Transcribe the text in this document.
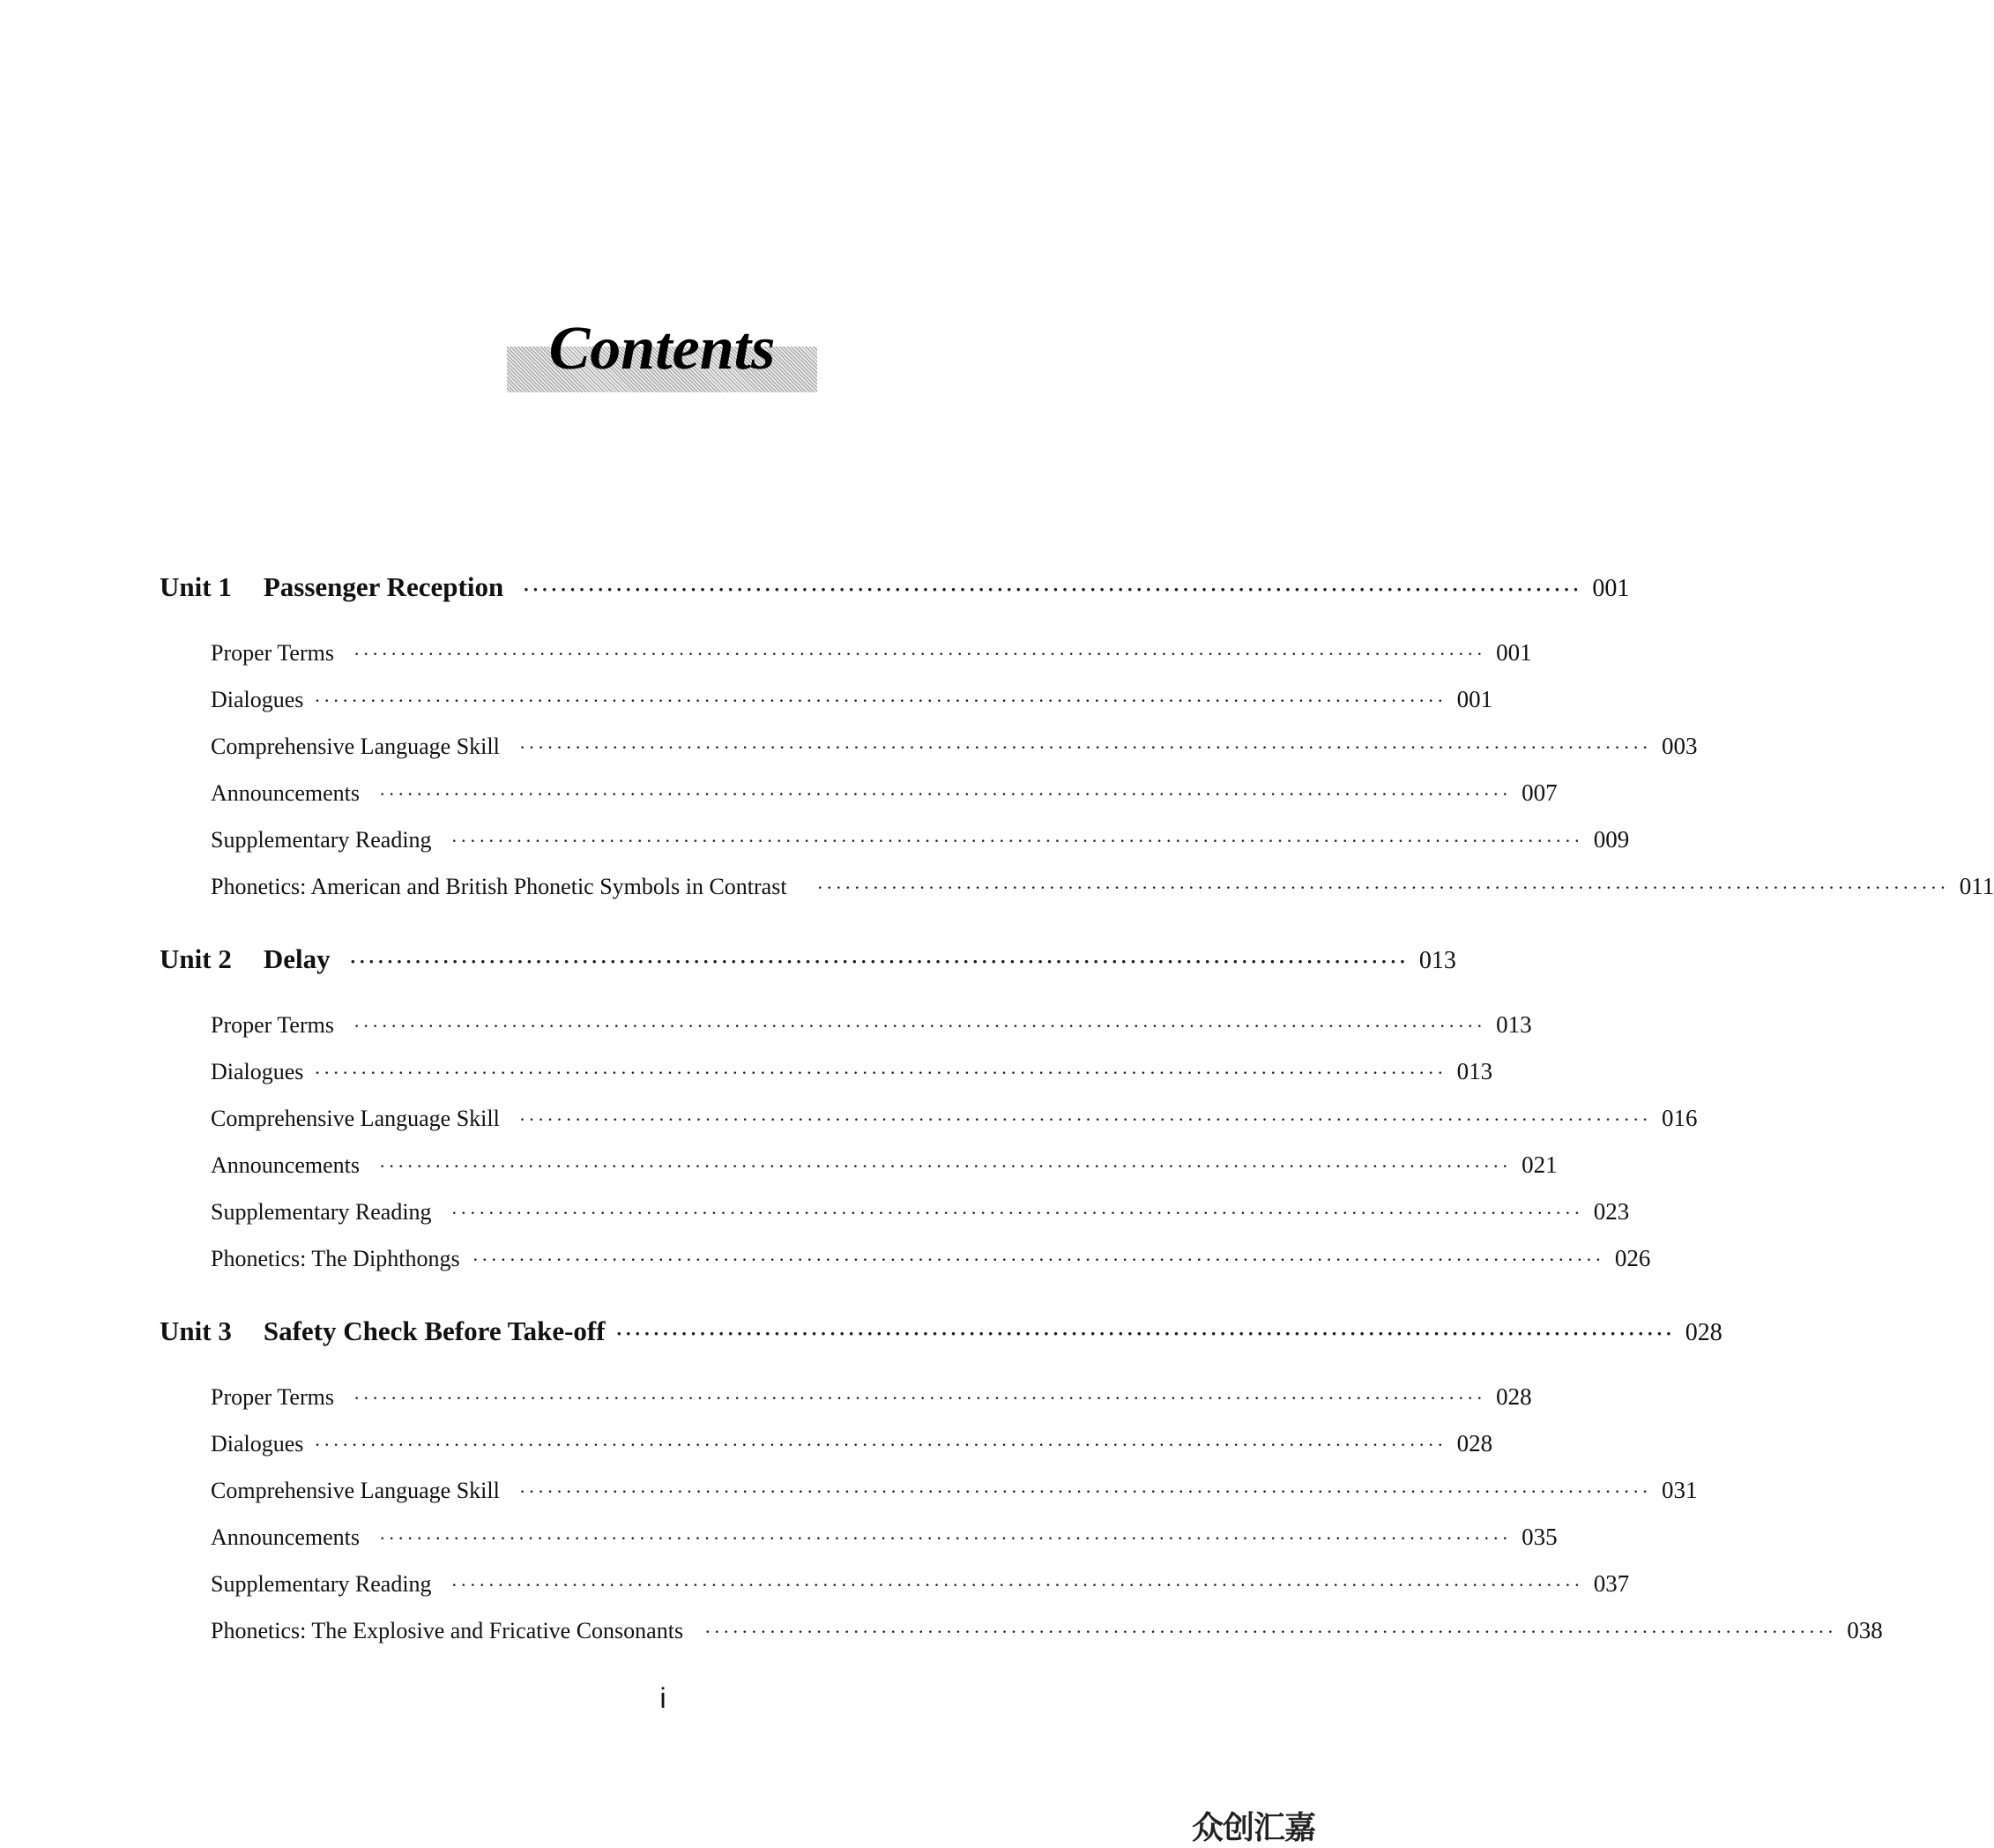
Contents
Unit 1 Passenger Reception ·················································································································· 001
Proper Terms ·························································································································· 001
Dialogues ·························································································································· 001
Comprehensive Language Skill ·························································································································· 003
Announcements ·························································································································· 007
Supplementary Reading ·························································································································· 009
Phonetics: American and British Phonetic Symbols in Contrast ·························································································································· 011
Unit 2 Delay ·················································································································· 013
Proper Terms ·························································································································· 013
Dialogues ·························································································································· 013
Comprehensive Language Skill ·························································································································· 016
Announcements ·························································································································· 021
Supplementary Reading ·························································································································· 023
Phonetics: The Diphthongs ·························································································································· 026
Unit 3 Safety Check Before Take-off ·················································································································· 028
Proper Terms ·························································································································· 028
Dialogues ·························································································································· 028
Comprehensive Language Skill ·························································································································· 031
Announcements ·························································································································· 035
Supplementary Reading ·························································································································· 037
Phonetics: The Explosive and Fricative Consonants ·························································································································· 038
i
众创汇嘉
